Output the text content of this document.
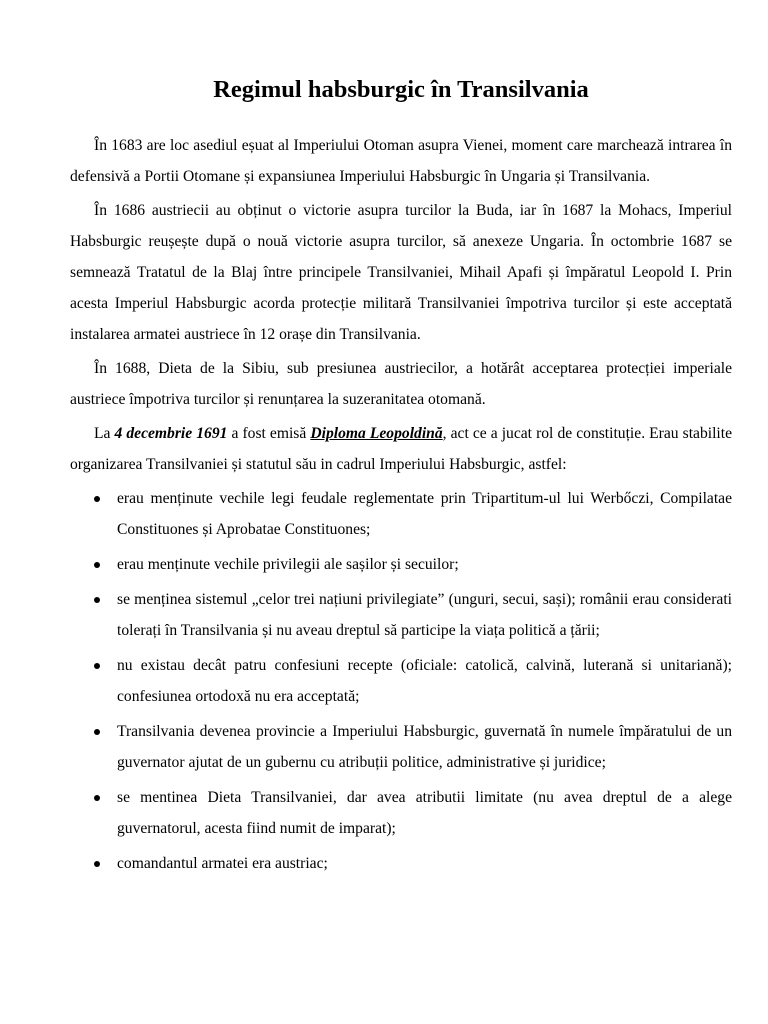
Regimul habsburgic în Transilvania

În 1683 are loc asediul eșuat al Imperiului Otoman asupra Vienei, moment care marchează intrarea în defensivă a Portii Otomane și expansiunea Imperiului Habsburgic în Ungaria și Transilvania.

În 1686 austriecii au obținut o victorie asupra turcilor la Buda, iar în 1687 la Mohacs, Imperiul Habsburgic reușește după o nouă victorie asupra turcilor, să anexeze Ungaria. În octombrie 1687 se semnează Tratatul de la Blaj între principele Transilvaniei, Mihail Apafi și împăratul Leopold I. Prin acesta Imperiul Habsburgic acorda protecție militară Transilvaniei împotriva turcilor și este acceptată instalarea armatei austriece în 12 orașe din Transilvania.

În 1688, Dieta de la Sibiu, sub presiunea austriecilor, a hotărât acceptarea protecției imperiale austriece împotriva turcilor și renunțarea la suzeranitatea otomană.

La 4 decembrie 1691 a fost emisă Diploma Leopoldină, act ce a jucat rol de constituție. Erau stabilite organizarea Transilvaniei și statutul său in cadrul Imperiului Habsburgic, astfel:

erau menținute vechile legi feudale reglementate prin Tripartitum-ul lui Werbőczi, Compilatae Constituones și Aprobatae Constituones;
erau menținute vechile privilegii ale sașilor și secuilor;
se menținea sistemul „celor trei națiuni privilegiate” (unguri, secui, sași); românii erau considerati tolerați în Transilvania și nu aveau dreptul să participe la viața politică a țării;
nu existau decât patru confesiuni recepte (oficiale: catolică, calvină, luterană si unitariană); confesiunea ortodoxă nu era acceptată;
Transilvania devenea provincie a Imperiului Habsburgic, guvernată în numele împăratului de un guvernator ajutat de un gubernu cu atribuții politice, administrative și juridice;
se mentinea Dieta Transilvaniei, dar avea atributii limitate (nu avea dreptul de a alege guvernatorul, acesta fiind numit de imparat);
comandantul armatei era austriac;
